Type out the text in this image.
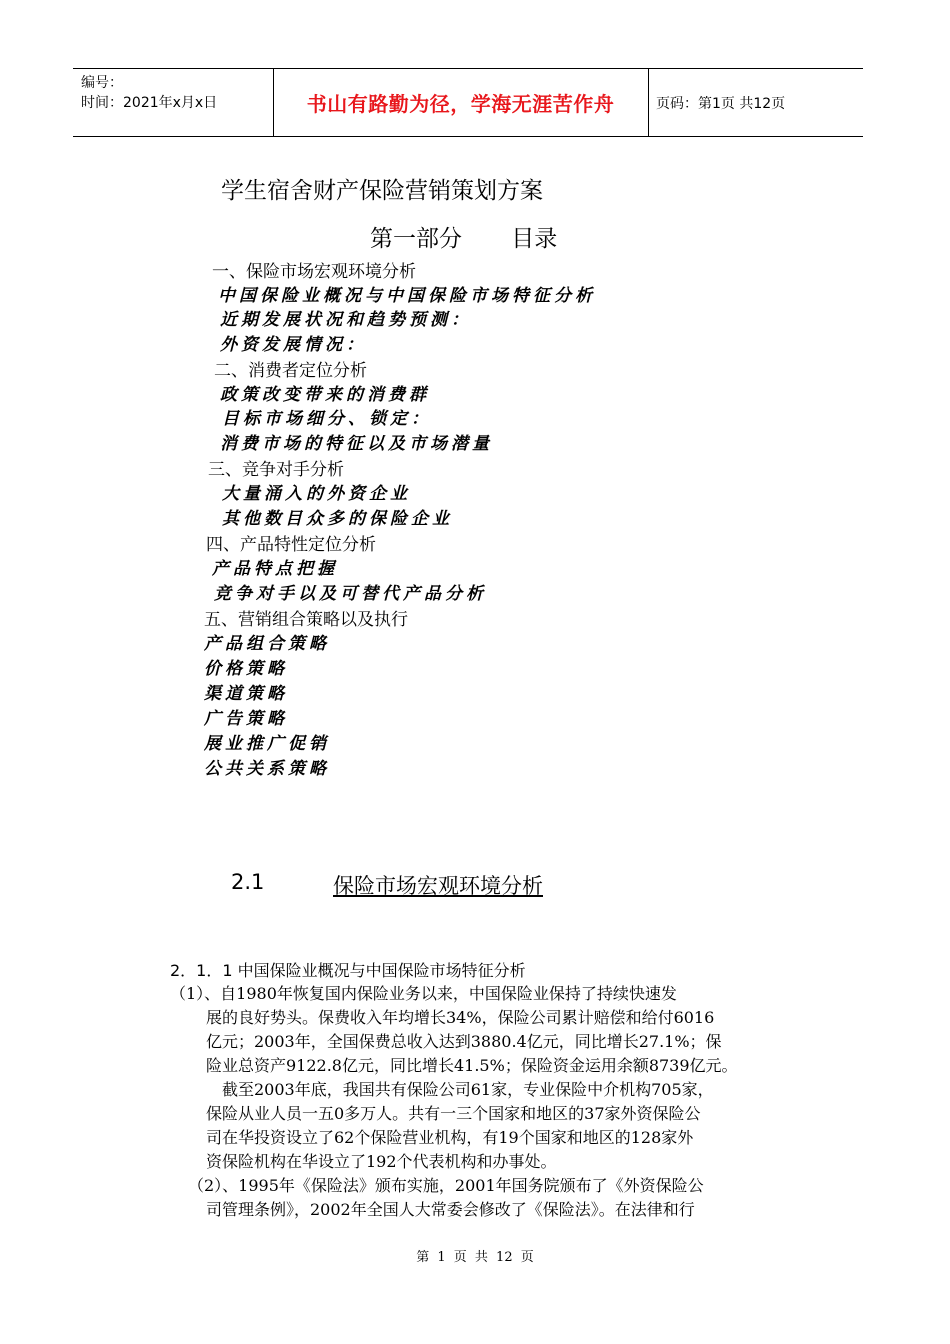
编号：
时间：2021年x月x日	书山有路勤为径，学海无涯苦作舟	页码：第1页 共12页
学生宿舍财产保险营销策划方案
第一部分 目录
一、保险市场宏观环境分析
中国保险业概况与中国保险市场特征分析
近期发展状况和趋势预测：
外资发展情况：
二、消费者定位分析
政策改变带来的消费群
目标市场细分、锁定：
消费市场的特征以及市场潜量
三、竞争对手分析
大量涌入的外资企业
其他数目众多的保险企业
四、产品特性定位分析
产品特点把握
竞争对手以及可替代产品分析
五、营销组合策略以及执行
产品组合策略
价格策略
渠道策略
广告策略
展业推广促销
公共关系策略
2.1	保险市场宏观环境分析
2．1．1 中国保险业概况与中国保险市场特征分析

（1）、自1980年恢复国内保险业务以来，中国保险业保持了持续快速发

展的良好势头。保费收入年均增长34%，保险公司累计赔偿和给付6016

亿元；2003年，全国保费总收入达到3880.4亿元，同比增长27.1%；保

险业总资产9122.8亿元，同比增长41.5%；保险资金运用余额8739亿元。

　截至2003年底，我国共有保险公司61家，专业保险中介机构705家，

保险从业人员一五0多万人。共有一三个国家和地区的37家外资保险公

司在华投资设立了62个保险营业机构，有19个国家和地区的128家外

资保险机构在华设立了192个代表机构和办事处。

（2）、1995年《保险法》颁布实施，2001年国务院颁布了《外资保险公

司管理条例》，2002年全国人大常委会修改了《保险法》。在法律和行

第 1 页 共 12 页
